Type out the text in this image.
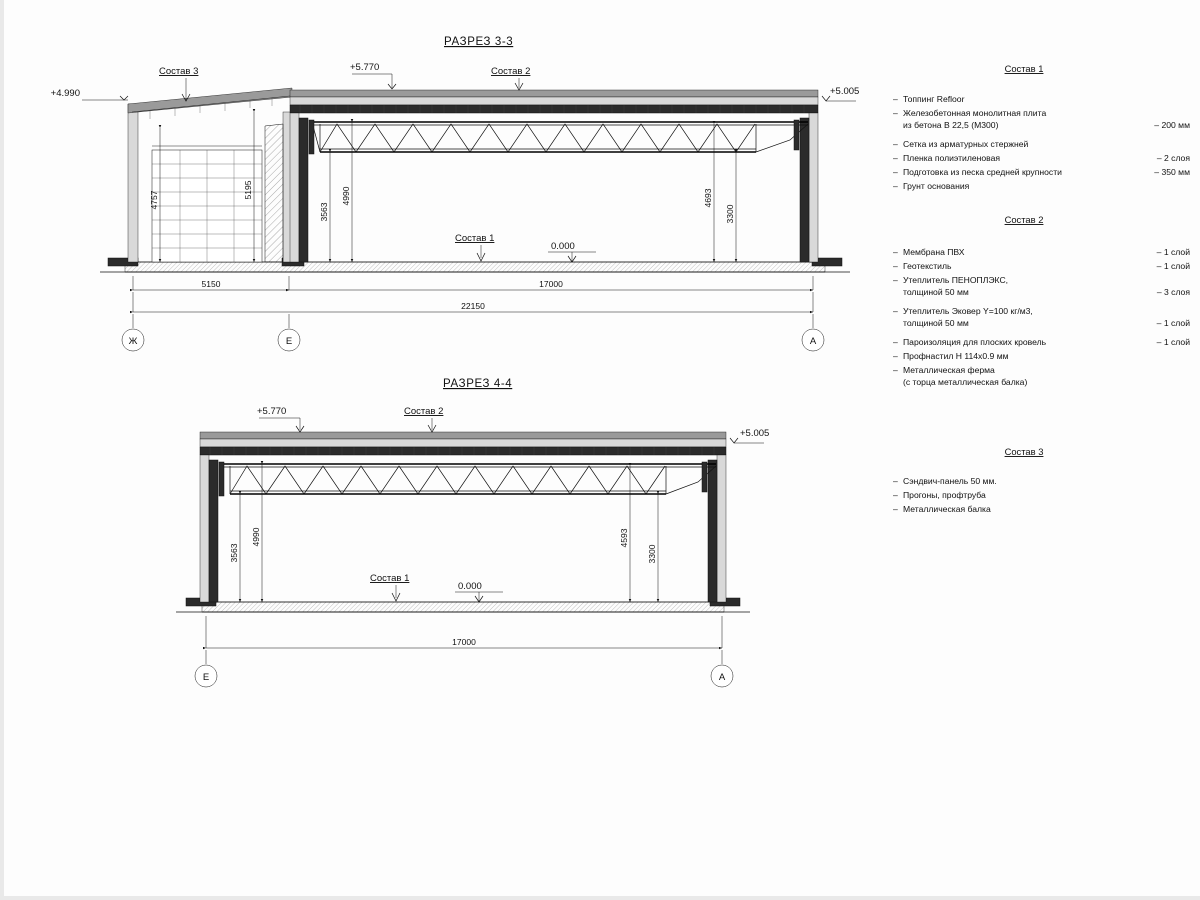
РАЗРЕЗ 3-3
+4.990
+5.770
+5.005
0.000
Состав 3	Состав 2
Состав 1
4757
5195
3563
4990	4693
3300
5150	17000
22150
Ж	Е	А
РАЗРЕЗ 4-4
+5.770
+5.005
0.000
Состав 2
Состав 1
3563
4990	4593
3300
17000
Е	А
Состав 1
– Топпинг Refloor
– Железобетонная монолитная плита
из бетона В 22,5 (М300)	– 200 мм
– Сетка из арматурных стержней
– Пленка полиэтиленовая	– 2 слоя
– Подготовка из песка средней крупности	– 350 мм
– Грунт основания
Состав 2
– Мембрана ПВХ	– 1 слой
– Геотекстиль	– 1 слой
– Утеплитель ПЕНОПЛЭКС,
толщиной 50 мм	– 3 слоя
– Утеплитель Эковер Y=100 кг/м3,
толщиной 50 мм	– 1 слой
– Пароизоляция для плоских кровель	– 1 слой
– Профнастил Н 114х0.9 мм
– Металлическая ферма
(с торца металлическая балка)
Состав 3
– Сэндвич-панель 50 мм.
– Прогоны, профтруба
– Металлическая балка
